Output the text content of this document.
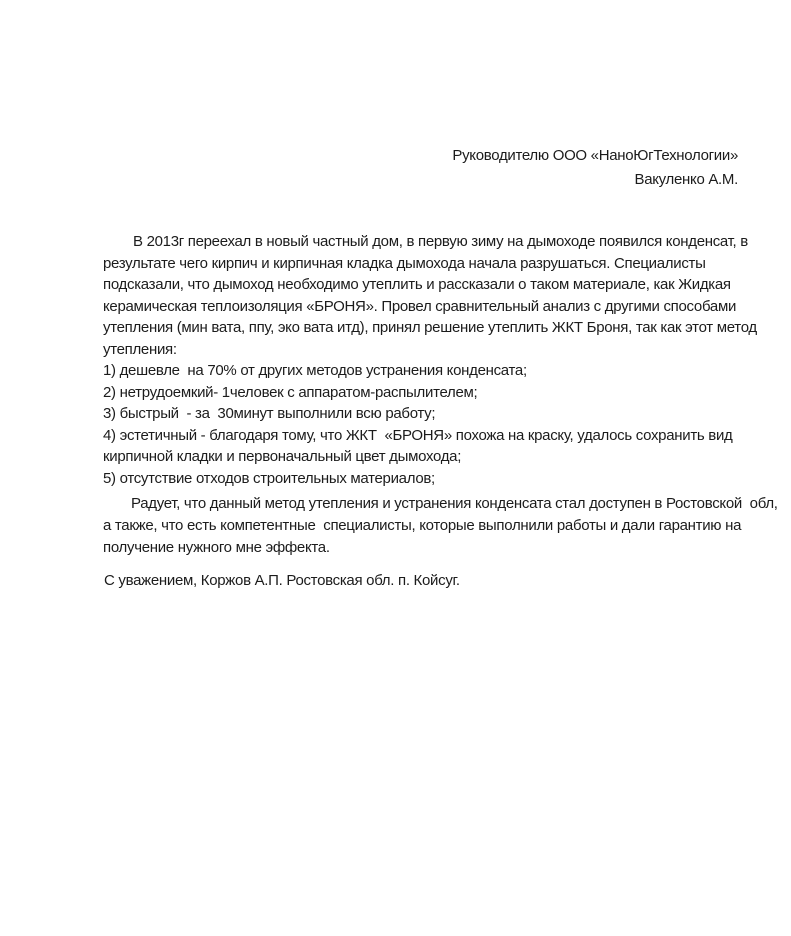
Руководителю ООО «НаноЮгТехнологии»
Вакуленко А.М.
В 2013г переехал в новый частный дом, в первую зиму на дымоходе появился конденсат, в
результате чего кирпич и кирпичная кладка дымохода начала разрушаться. Специалисты
подсказали, что дымоход необходимо утеплить и рассказали о таком материале, как Жидкая
керамическая теплоизоляция «БРОНЯ». Провел сравнительный анализ с другими способами
утепления (мин вата, ппу, эко вата итд), принял решение утеплить ЖКТ Броня, так как этот метод
утепления:
1) дешевле  на 70% от других методов устранения конденсата;
2) нетрудоемкий- 1человек с аппаратом-распылителем;
3) быстрый  - за  30минут выполнили всю работу;
4) эстетичный - благодаря тому, что ЖКТ  «БРОНЯ» похожа на краску, удалось сохранить вид
кирпичной кладки и первоначальный цвет дымохода;
5) отсутствие отходов строительных материалов;
Радует, что данный метод утепления и устранения конденсата стал доступен в Ростовской  обл,
а также, что есть компетентные  специалисты, которые выполнили работы и дали гарантию на
получение нужного мне эффекта.
С уважением, Коржов А.П. Ростовская обл. п. Койсуг.
